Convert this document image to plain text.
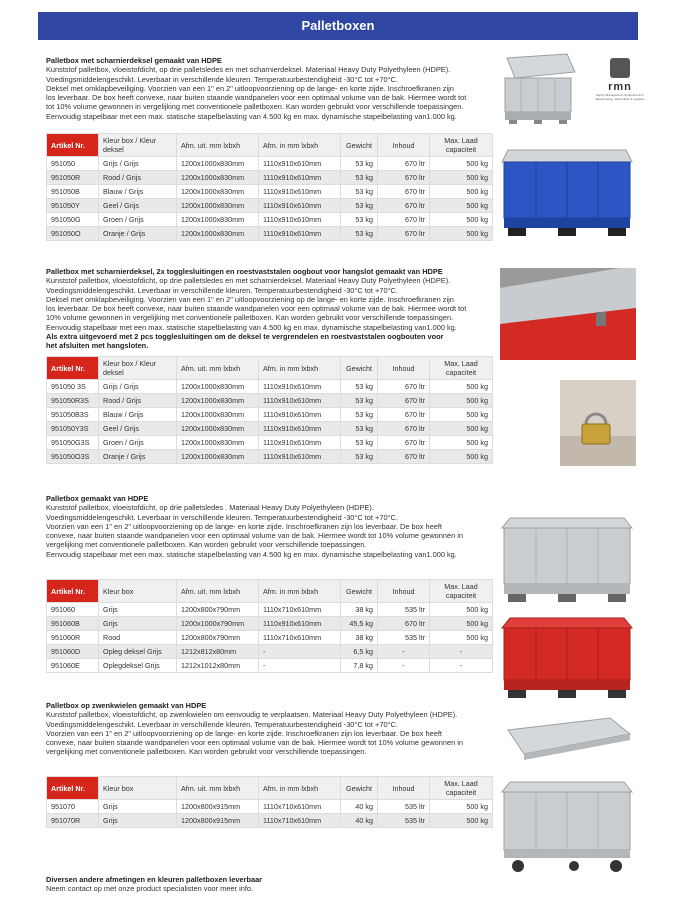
Palletboxen
Palletbox met scharnierdeksel gemaakt van HDPE
Kunststof palletbox, vloeistofdicht, op drie palletsledes en met scharnierdeksel. Materiaal Heavy Duty Polyethyleen (HDPE).
Voedingsmiddelengeschikt. Leverbaar in verschillende kleuren. Temperatuurbestendigheid -30°C tot +70°C.
Deksel met omklapbeveiliging. Voorzien van een 1" en 2" uitloopvoorziening op de lange- en korte zijde. Inschroefkranen zijn
los leverbaar. De box heeft convexe, naar buiten staande wandpanelen voor een optimaal volume van de bak. Hiermee wordt tot
tot 10% volume gewonnen in vergelijking met conventionele palletboxen. Kan worden gebruikt voor verschillende toepassingen.
Eenvoudig stapelbaar met een max. statische stapelbelasting van 4.500 kg en max. dynamische stapelbelasting van1.000 kg.
Artikel Nr.	Kleur box / Kleur deksel	Afm. uit. mm lxbxh	Afm. in mm lxbxh	Gewicht	Inhoud	Max. Laad capaciteit
951050	Grijs / Grijs	1200x1000x830mm	1110x910x610mm	53 kg	670 ltr	500 kg
951050R	Rood / Grijs	1200x1000x830mm	1110x910x610mm	53 kg	670 ltr	500 kg
951050B	Blauw / Grijs	1200x1000x830mm	1110x910x610mm	53 kg	670 ltr	500 kg
951050Y	Geel / Grijs	1200x1000x830mm	1110x910x610mm	53 kg	670 ltr	500 kg
951050G	Groen / Grijs	1200x1000x830mm	1110x910x610mm	53 kg	670 ltr	500 kg
951050O	Oranje / Grijs	1200x1000x830mm	1110x910x610mm	53 kg	670 ltr	500 kg
Palletbox met scharnierdeksel, 2x togglesluitingen en roestvaststalen oogbout voor hangslot gemaakt van HDPE
Kunststof palletbox, vloeistofdicht, op drie palletsledes en met scharnierdeksel. Materiaal Heavy Duty Polyethyleen (HDPE).
Voedingsmiddelengeschikt. Leverbaar in verschillende kleuren. Temperatuurbestendigheid -30°C tot +70°C.
Deksel met omklapbeveiliging. Voorzien van een 1" en 2" uitloopvoorziening op de lange- en korte zijde. Inschroefkranen zijn
los leverbaar. De box heeft convexe, naar buiten staande wandpanelen voor een optimaal volume van de bak. Hiermee wordt tot
10% volume gewonnen in vergelijking met conventionele palletboxen. Kan worden gebruikt voor verschillende toepassingen.
Eenvoudig stapelbaar met een max. statische stapelbelasting van 4.500 kg en max. dynamische stapelbelasting van1.000 kg.
Als extra uitgevoerd met 2 pcs togglesluitingen om de deksel te vergrendelen en roestvaststalen oogbouten voor
het afsluiten met hangsloten.
Artikel Nr.	Kleur box / Kleur deksel	Afm. uit. mm lxbxh	Afm. in mm lxbxh	Gewicht	Inhoud	Max. Laad capaciteit
951050 3S	Grijs / Grijs	1200x1000x830mm	1110x910x610mm	53 kg	670 ltr	500 kg
951050R3S	Rood / Grijs	1200x1000x830mm	1110x910x610mm	53 kg	670 ltr	500 kg
951050B3S	Blauw / Grijs	1200x1000x830mm	1110x910x610mm	53 kg	670 ltr	500 kg
951050Y3S	Geel / Grijs	1200x1000x830mm	1110x910x610mm	53 kg	670 ltr	500 kg
951050G3S	Groen / Grijs	1200x1000x830mm	1110x910x610mm	53 kg	670 ltr	500 kg
951050O3S	Oranje / Grijs	1200x1000x830mm	1110x910x610mm	53 kg	670 ltr	500 kg
Palletbox gemaakt van HDPE
Kunststof palletbox, vloeistofdicht, op drie palletsledes . Materiaal Heavy Duty Polyethyleen (HDPE).
Voedingsmiddelengeschikt. Leverbaar in verschillende kleuren. Temperatuurbestendigheid -30°C tot +70°C.
Voorzien van een 1" en 2" uitloopvoorziening op de lange- en korte zijde. Inschroefkranen zijn los leverbaar. De box heeft
convexe, naar buiten staande wandpanelen voor een optimaal volume van de bak. Hiermee wordt tot 10% volume gewonnen in
vergelijking met conventionele palletboxen. Kan worden gebruikt voor verschillende toepassingen.
Eenvoudig stapelbaar met een max. statische stapelbelasting van 4.500 kg en max. dynamische stapelbelasting van1.000 kg.
Artikel Nr.	Kleur box	Afm. uit. mm lxbxh	Afm. in mm lxbxh	Gewicht	Inhoud	Max. Laad capaciteit
951060	Grijs	1200x800x790mm	1110x710x610mm	38 kg	535 ltr	500 kg
951060B	Grijs	1200x1000x790mm	1110x910x610mm	45,5 kg	670 ltr	500 kg
951060R	Rood	1200x800x790mm	1110x710x610mm	38 kg	535 ltr	500 kg
951060D	Opleg deksel Grijs	1212x812x80mm	-	6,5 kg	-	-
951060E	Oplegdeksel Grijs	1212x1012x80mm	-	7,8 kg	-	-
Palletbox op zwenkwielen gemaakt van HDPE
Kunststof palletbox, vloeistofdicht, op zwenkwielen om eenvoudig te verplaatsen. Materiaal Heavy Duty Polyethyleen (HDPE).
Voedingsmiddelengeschikt. Leverbaar in verschillende kleuren. Temperatuurbestendigheid -30°C tot +70°C.
Voorzien van een 1" en 2" uitloopvoorziening op de lange- en korte zijde. Inschroefkranen zijn los leverbaar. De box heeft
convexe, naar buiten staande wandpanelen voor een optimaal volume van de bak. Hiermee wordt tot 10% volume gewonnen in
vergelijking met conventionele palletboxen. Kan worden gebruikt voor verschillende toepassingen.
Artikel Nr.	Kleur box	Afm. uit. mm lxbxh	Afm. in mm lxbxh	Gewicht	Inhoud	Max. Laad capaciteit
951070	Grijs	1200x800x915mm	1110x710x610mm	40 kg	535 ltr	500 kg
951070R	Grijs	1200x800x915mm	1110x710x610mm	40 kg	535 ltr	500 kg
Diversen andere afmetingen en kleuren palletboxen leverbaar
Neem contact op met onze product specialisten voor meer info.
rmn
Supply Management Nederland B.V.
Warehousing, Returnable & Logistics
